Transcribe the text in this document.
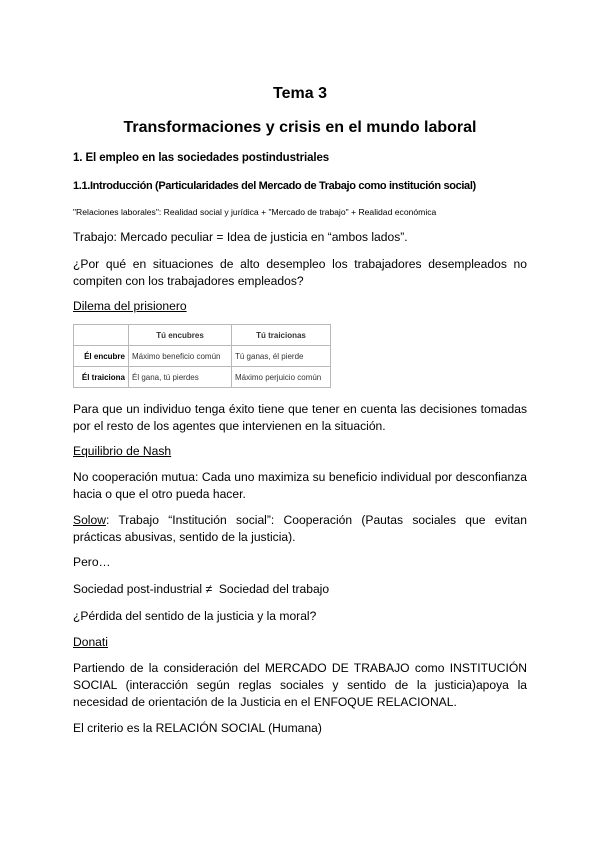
Tema 3
Transformaciones y crisis en el mundo laboral
1. El empleo en las sociedades postindustriales
1.1.Introducción (Particularidades del Mercado de Trabajo como institución social)
"Relaciones laborales": Realidad social y jurídica + "Mercado de trabajo" + Realidad económica
Trabajo: Mercado peculiar = Idea de justicia en “ambos lados”.
¿Por qué en situaciones de alto desempleo los trabajadores desempleados no compiten con los trabajadores empleados?
Dilema del prisionero
	Tú encubres	Tú traicionas
Él encubre	Máximo beneficio común	Tú ganas, él pierde
Él traiciona	Él gana, tú pierdes	Máximo perjuicio común
Para que un individuo tenga éxito tiene que tener en cuenta las decisiones tomadas por el resto de los agentes que intervienen en la situación.
Equilibrio de Nash
No cooperación mutua: Cada uno maximiza su beneficio individual por desconfianza hacia o que el otro pueda hacer.
Solow: Trabajo “Institución social”: Cooperación (Pautas sociales que evitan prácticas abusivas, sentido de la justicia).
Pero…
Sociedad post-industrial ≠ Sociedad del trabajo
¿Pérdida del sentido de la justicia y la moral?
Donati
Partiendo de la consideración del MERCADO DE TRABAJO como INSTITUCIÓN SOCIAL (interacción según reglas sociales y sentido de la justicia)apoya la necesidad de orientación de la Justicia en el ENFOQUE RELACIONAL.
El criterio es la RELACIÓN SOCIAL (Humana)
